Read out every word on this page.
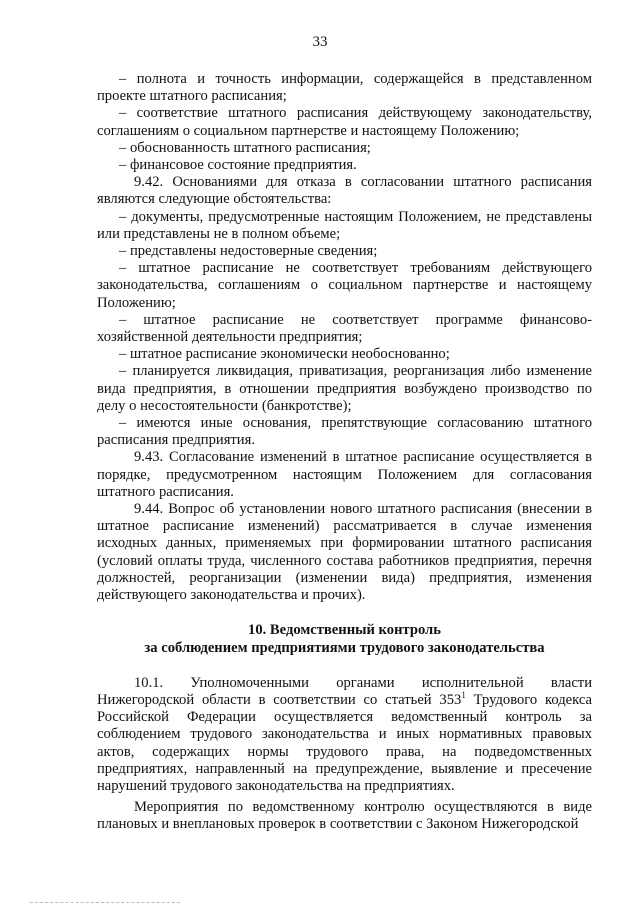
33

– полнота и точность информации, содержащейся в представленном проекте штатного расписания;

– соответствие штатного расписания действующему законодательству, соглашениям о социальном партнерстве и настоящему Положению;

– обоснованность штатного расписания;

– финансовое состояние предприятия.

9.42. Основаниями для отказа в согласовании штатного расписания являются следующие обстоятельства:

– документы, предусмотренные настоящим Положением, не представлены или представлены не в полном объеме;

– представлены недостоверные сведения;

– штатное расписание не соответствует требованиям действующего законодательства, соглашениям о социальном партнерстве и настоящему Положению;

– штатное расписание не соответствует программе финансово-хозяйственной деятельности предприятия;

– штатное расписание экономически необоснованно;

– планируется ликвидация, приватизация, реорганизация либо изменение вида предприятия, в отношении предприятия возбуждено производство по делу о несостоятельности (банкротстве);

– имеются иные основания, препятствующие согласованию штатного расписания предприятия.

9.43. Согласование изменений в штатное расписание осуществляется в порядке, предусмотренном настоящим Положением для согласования штатного расписания.

9.44. Вопрос об установлении нового штатного расписания (внесении в штатное расписание изменений) рассматривается в случае изменения исходных данных, применяемых при формировании штатного расписания (условий оплаты труда, численного состава работников предприятия, перечня должностей, реорганизации (изменении вида) предприятия, изменения действующего законодательства и прочих).

10. Ведомственный контроль

за соблюдением предприятиями трудового законодательства

10.1. Уполномоченными органами исполнительной власти Нижегородской области в соответствии со статьей $353^1$ Трудового кодекса Российской Федерации осуществляется ведомственный контроль за соблюдением трудового законодательства и иных нормативных правовых актов, содержащих нормы трудового права, на подведомственных предприятиях, направленный на предупреждение, выявление и пресечение нарушений трудового законодательства на предприятиях.

Мероприятия по ведомственному контролю осуществляются в виде плановых и внеплановых проверок в соответствии с Законом Нижегородской
